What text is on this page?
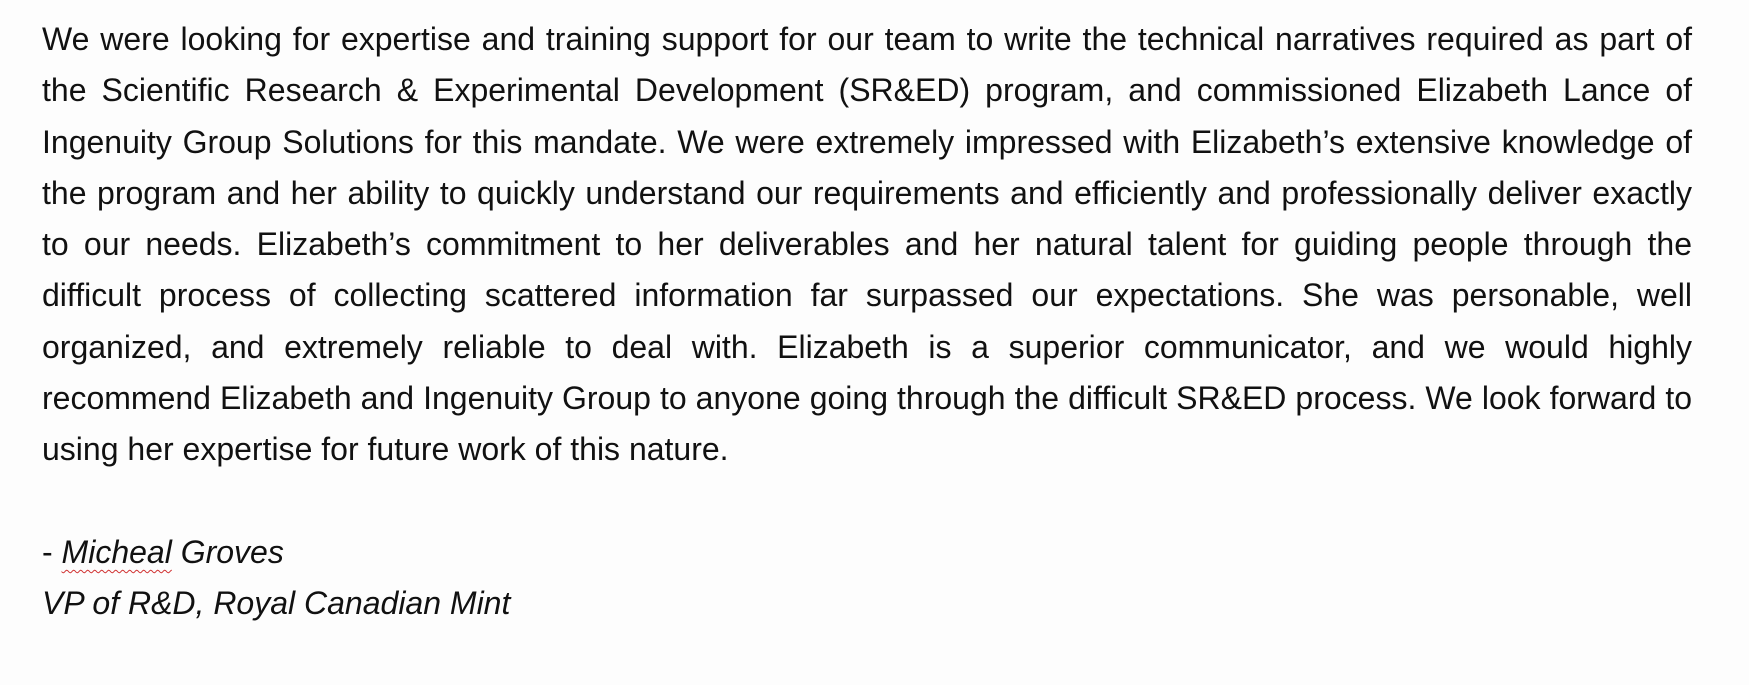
We were looking for expertise and training support for our team to write the technical narratives required as part of the Scientific Research & Experimental Development (SR&ED) program, and commissioned Elizabeth Lance of Ingenuity Group Solutions for this mandate. We were extremely impressed with Elizabeth’s extensive knowledge of the program and her ability to quickly understand our requirements and efficiently and professionally deliver exactly to our needs. Elizabeth’s commitment to her deliverables and her natural talent for guiding people through the difficult process of collecting scattered information far surpassed our expectations. She was personable, well organized, and extremely reliable to deal with. Elizabeth is a superior communicator, and we would highly recommend Elizabeth and Ingenuity Group to anyone going through the difficult SR&ED process. We look forward to using her expertise for future work of this nature.

- Micheal Groves

VP of R&D, Royal Canadian Mint
